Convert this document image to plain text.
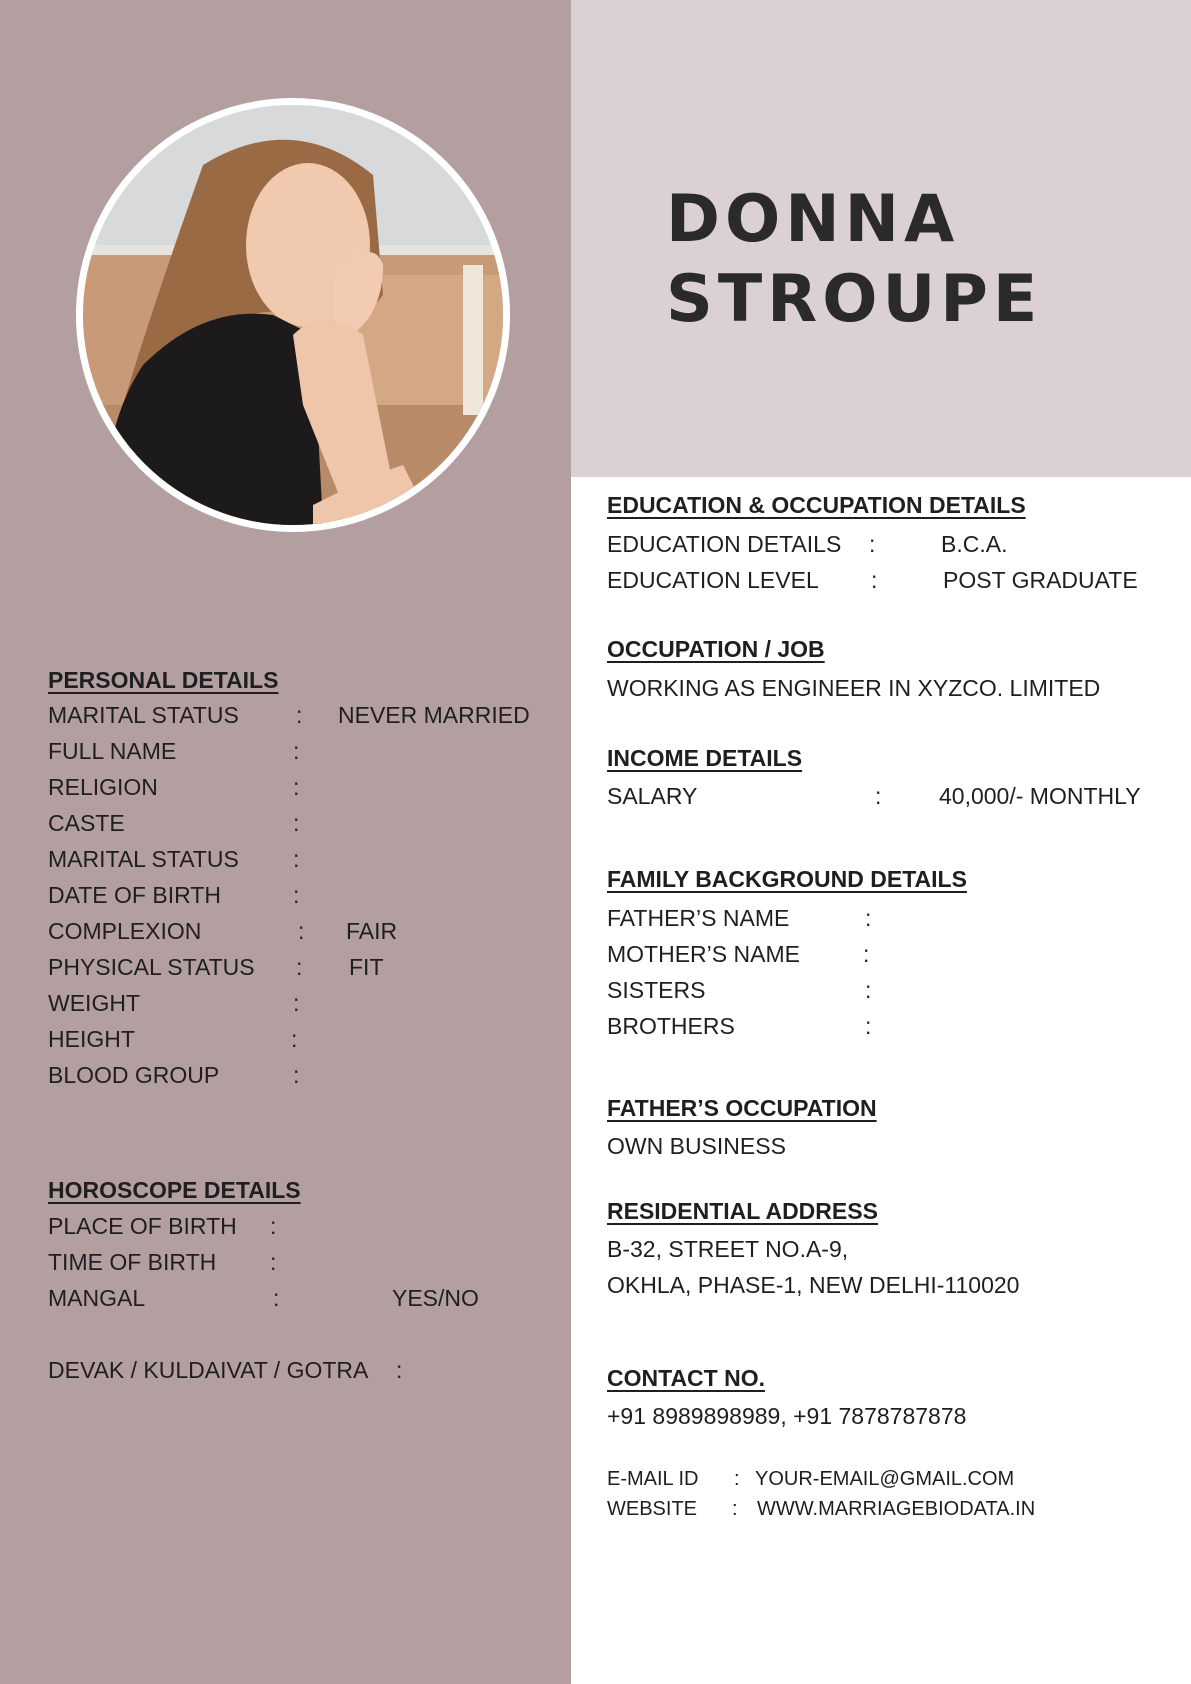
DONNA
STROUPE
PERSONAL DETAILS
MARITAL STATUS : NEVER MARRIED
FULL NAME	:
RELIGION	:
CASTE	:
MARITAL STATUS :
DATE OF BIRTH	:
COMPLEXION	: FAIR
PHYSICAL STATUS : FIT
WEIGHT	:
HEIGHT	:
BLOOD GROUP	:
HOROSCOPE DETAILS
PLACE OF BIRTH :
TIME OF BIRTH :
MANGAL	:	YES/NO
DEVAK / KULDAIVAT / GOTRA :
EDUCATION & OCCUPATION DETAILS
EDUCATION DETAILS :	B.C.A.
EDUCATION LEVEL :	POST GRADUATE
OCCUPATION / JOB
WORKING AS ENGINEER IN XYZCO. LIMITED
INCOME DETAILS
SALARY	:	40,000/- MONTHLY
FAMILY BACKGROUND DETAILS
FATHER’S NAME	:
MOTHER’S NAME	:
SISTERS	:
BROTHERS	:
FATHER’S OCCUPATION
OWN BUSINESS
RESIDENTIAL ADDRESS
B-32, STREET NO.A-9,
OKHLA, PHASE-1, NEW DELHI-110020
CONTACT NO.
+91 8989898989, +91 7878787878
E-MAIL ID : YOUR-EMAIL@GMAIL.COM
WEBSITE : WWW.MARRIAGEBIODATA.IN
